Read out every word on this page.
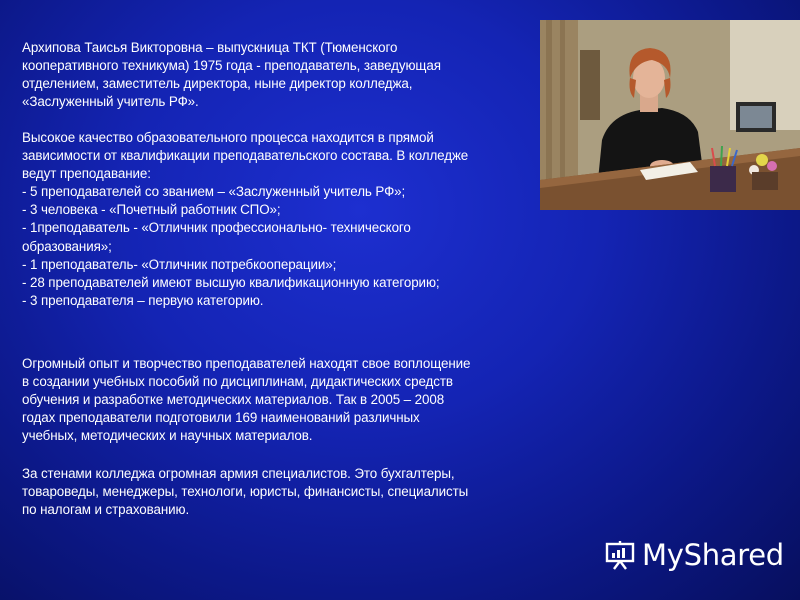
Архипова Таисья Викторовна – выпускница ТКТ (Тюменского
кооперативного техникума) 1975 года - преподаватель, заведующая
отделением, заместитель директора, ныне директор колледжа,
«Заслуженный учитель РФ».
Высокое качество образовательного процесса находится в прямой
зависимости от квалификации преподавательского состава. В колледже
ведут преподавание:
- 5 преподавателей со званием – «Заслуженный учитель РФ»;
- 3 человека - «Почетный работник СПО»;
- 1преподаватель - «Отличник профессионально- технического
образования»;
- 1 преподаватель- «Отличник потребкооперации»;
- 28 преподавателей имеют высшую квалификационную категорию;
- 3 преподавателя – первую категорию.
Огромный опыт и творчество преподавателей находят свое воплощение
в создании учебных пособий по дисциплинам, дидактических средств
обучения и разработке методических материалов. Так в 2005 – 2008
годах преподаватели подготовили 169 наименований различных
учебных, методических и научных материалов.
За стенами колледжа огромная армия специалистов. Это бухгалтеры,
товароведы, менеджеры, технологи, юристы, финансисты, специалисты
по налогам и страхованию.
MyShared
